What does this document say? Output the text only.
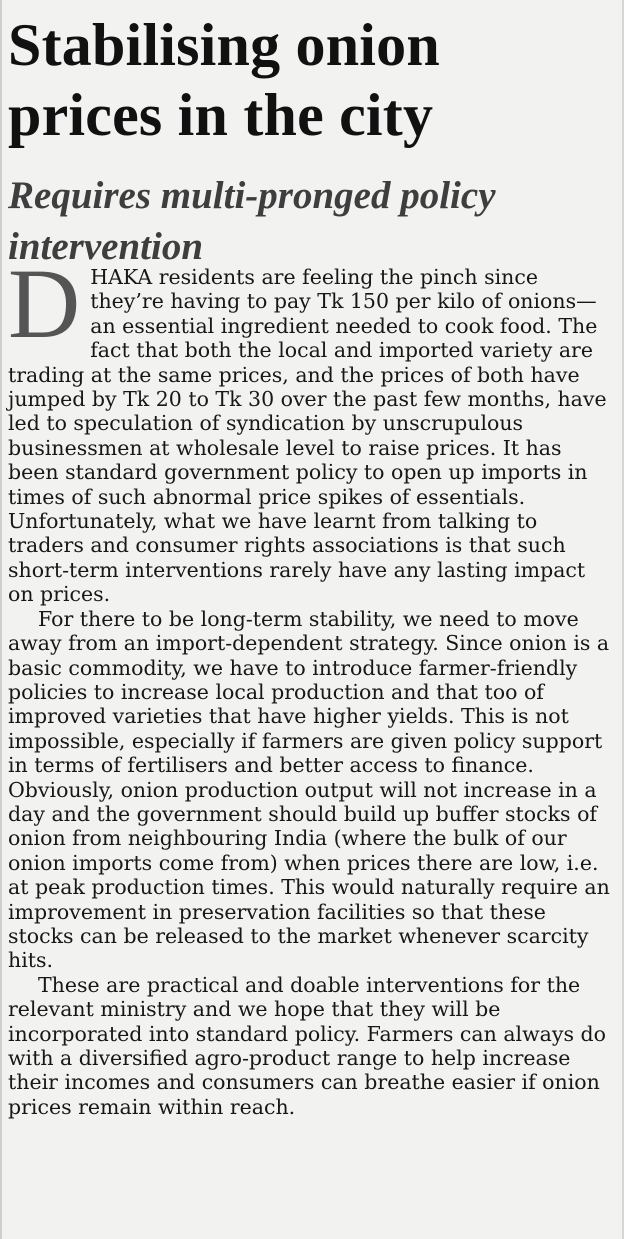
Stabilising onion
prices in the city
Requires multi-pronged policy
intervention
D HAKA residents are feeling the pinch since they’re having to pay Tk 150 per kilo of onions—an essential ingredient needed to cook food. The fact that both the local and imported variety are trading at the same prices, and the prices of both have jumped by Tk 20 to Tk 30 over the past few months, have led to speculation of syndication by unscrupulous businessmen at wholesale level to raise prices. It has been standard government policy to open up imports in times of such abnormal price spikes of essentials. Unfortunately, what we have learnt from talking to traders and consumer rights associations is that such short-term interventions rarely have any lasting impact on prices.

For there to be long-term stability, we need to move away from an import-dependent strategy. Since onion is a basic commodity, we have to introduce farmer-friendly policies to increase local production and that too of improved varieties that have higher yields. This is not impossible, especially if farmers are given policy support in terms of fertilisers and better access to finance. Obviously, onion production output will not increase in a day and the government should build up buffer stocks of onion from neighbouring India (where the bulk of our onion imports come from) when prices there are low, i.e. at peak production times. This would naturally require an improvement in preservation facilities so that these stocks can be released to the market whenever scarcity hits.

These are practical and doable interventions for the relevant ministry and we hope that they will be incorporated into standard policy. Farmers can always do with a diversified agro-product range to help increase their incomes and consumers can breathe easier if onion prices remain within reach.
